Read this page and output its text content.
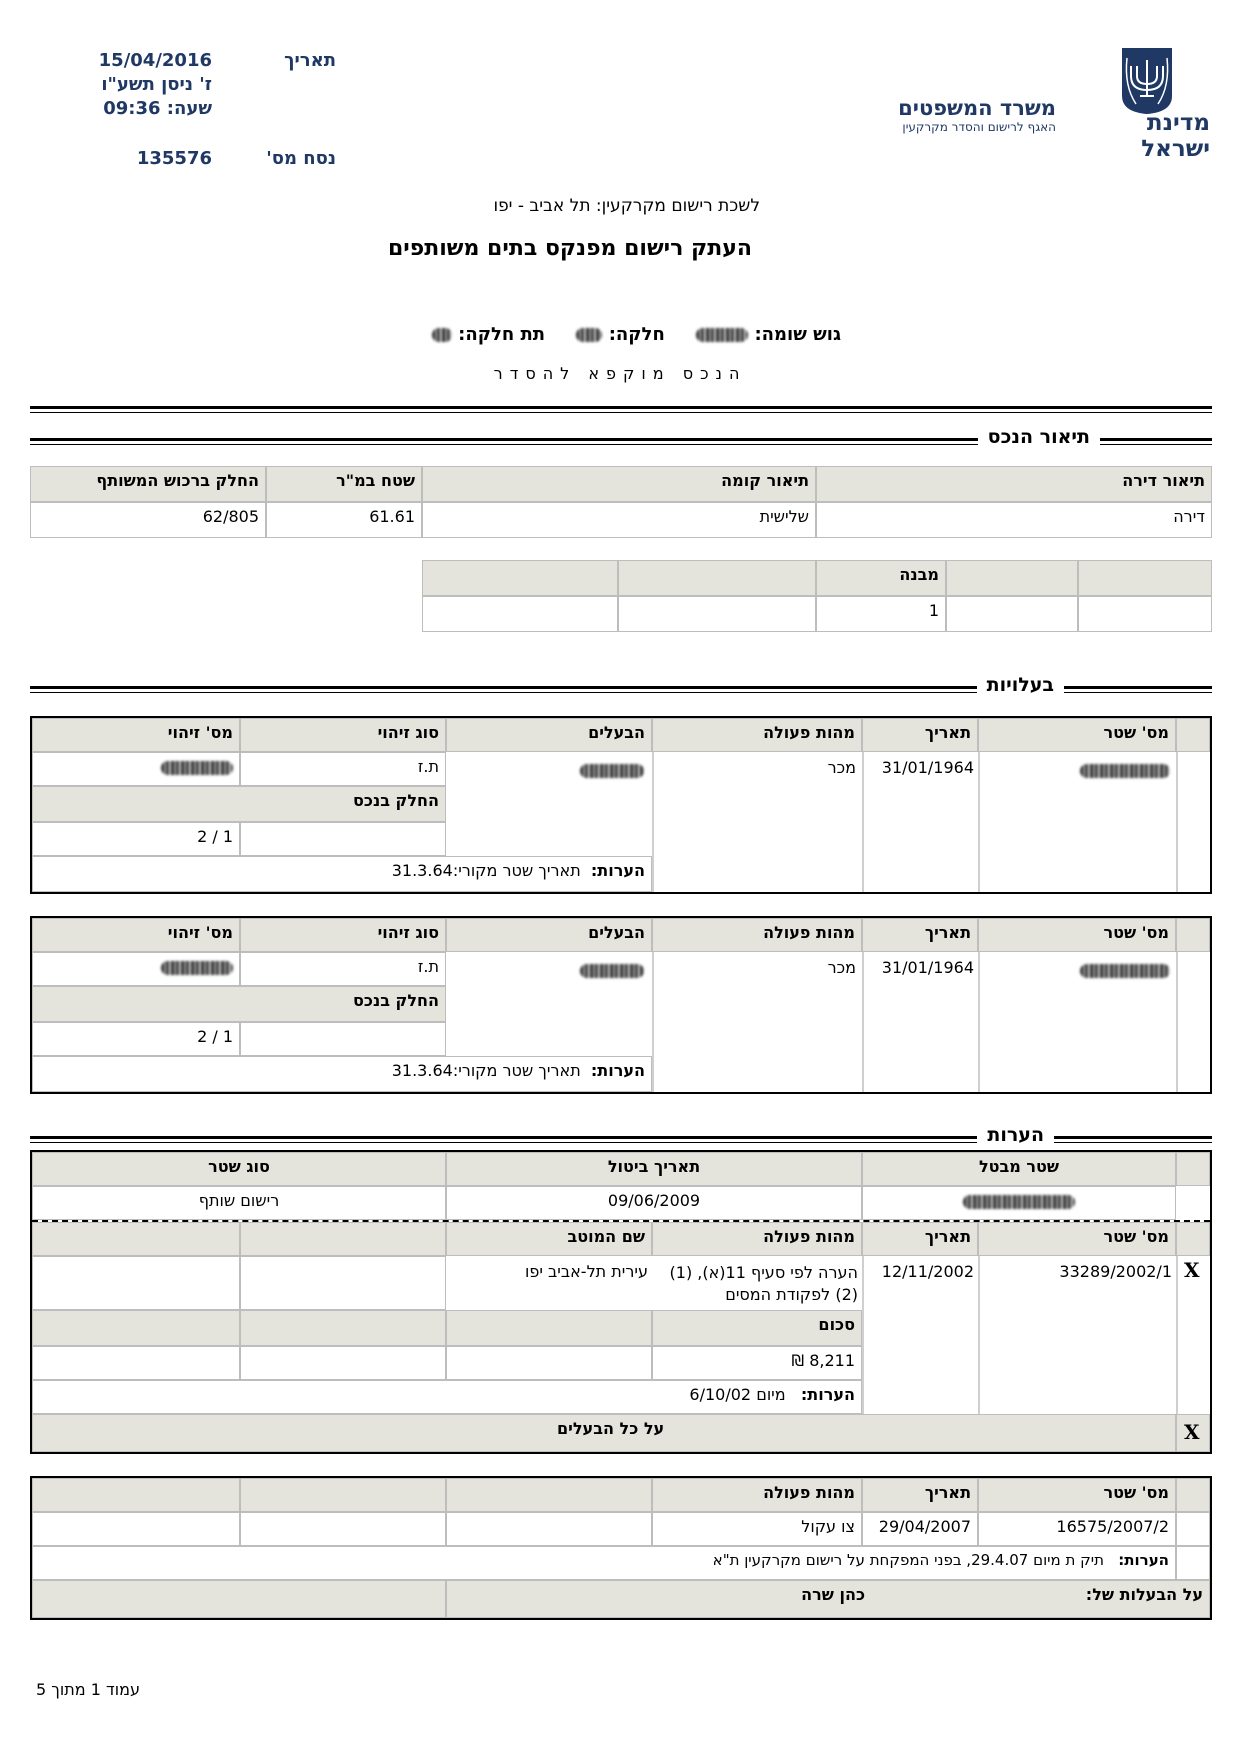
תאריך
15/04/2016
ז' ניסן תשע"ו
שעה: 09:36
נסח מס'
135576
מדינת ישראל
משרד המשפטים
האגף לרישום והסדר מקרקעין
לשכת רישום מקרקעין: תל אביב - יפו
העתק רישום מפנקס בתים משותפים
גוש שומה:      חלקה:      תת חלקה:
הנכס מוקפא להסדר
תיאור הנכס
תיאור דירה
תיאור קומה
שטח במ"ר
החלק ברכוש המשותף
דירה
שלישית
61.61
62/805
מבנה
1
בעלויות
מס' שטר
תאריך
מהות פעולה
הבעלים
סוג זיהוי
מס' זיהוי
31/01/1964
מכר
ת.ז
החלק בנכס
1 / 2
הערות:  תאריך שטר מקורי:31.3.64
מס' שטר
תאריך
מהות פעולה
הבעלים
סוג זיהוי
מס' זיהוי
31/01/1964
מכר
ת.ז
החלק בנכס
1 / 2
הערות:  תאריך שטר מקורי:31.3.64
הערות
שטר מבטל
תאריך ביטול
סוג שטר
09/06/2009
רישום שותף
מס' שטר
תאריך
מהות פעולה
שם המוטב
X
33289/2002/1
12/11/2002
הערה לפי סעיף 11(א), (1)
(2) לפקודת המסים
עירית תל-אביב יפו
סכום
8,211 ₪
הערות:   מיום 6/10/02
על כל הבעלים	X
מס' שטר
תאריך
מהות פעולה
16575/2007/2
29/04/2007
צו עקול
הערות:   תיק ת מיום 29.4.07, בפני המפקחת על רישום מקרקעין ת"א
על הבעלות של:כהן שרה
עמוד 1 מתוך 5
